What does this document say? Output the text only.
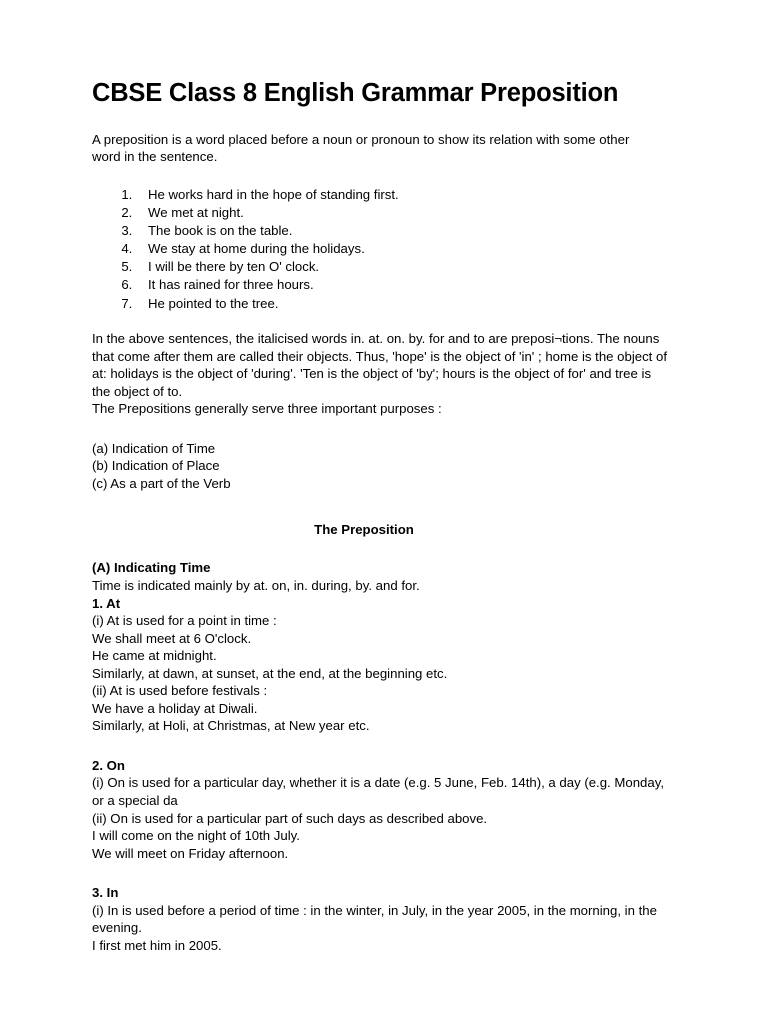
CBSE Class 8 English Grammar Preposition

A preposition is a word placed before a noun or pronoun to show its relation with some other word in the sentence.

1. He works hard in the hope of standing first.
2. We met at night.
3. The book is on the table.
4. We stay at home during the holidays.
5. I will be there by ten O' clock.
6. It has rained for three hours.
7. He pointed to the tree.

In the above sentences, the italicised words in. at. on. by. for and to are preposi¬tions. The nouns that come after them are called their objects. Thus, 'hope' is the object of 'in' ; home is the object of at: holidays is the object of 'during'. 'Ten is the object of 'by'; hours is the object of for' and tree is the object of to.

The Prepositions generally serve three important purposes :
(a) Indication of Time
(b) Indication of Place
(c) As a part of the Verb
The Preposition
(A) Indicating Time
Time is indicated mainly by at. on, in. during, by. and for.
1. At
(i) At is used for a point in time :
We shall meet at 6 O'clock.
He came at midnight.
Similarly, at dawn, at sunset, at the end, at the beginning etc.
(ii) At is used before festivals :
We have a holiday at Diwali.
Similarly, at Holi, at Christmas, at New year etc.
2. On
(i) On is used for a particular day, whether it is a date (e.g. 5 June, Feb. 14th), a day (e.g. Monday, or a special da
(ii) On is used for a particular part of such days as described above.
I will come on the night of 10th July.
We will meet on Friday afternoon.
3. In
(i) In is used before a period of time : in the winter, in July, in the year 2005, in the morning, in the evening.
I first met him in 2005.
